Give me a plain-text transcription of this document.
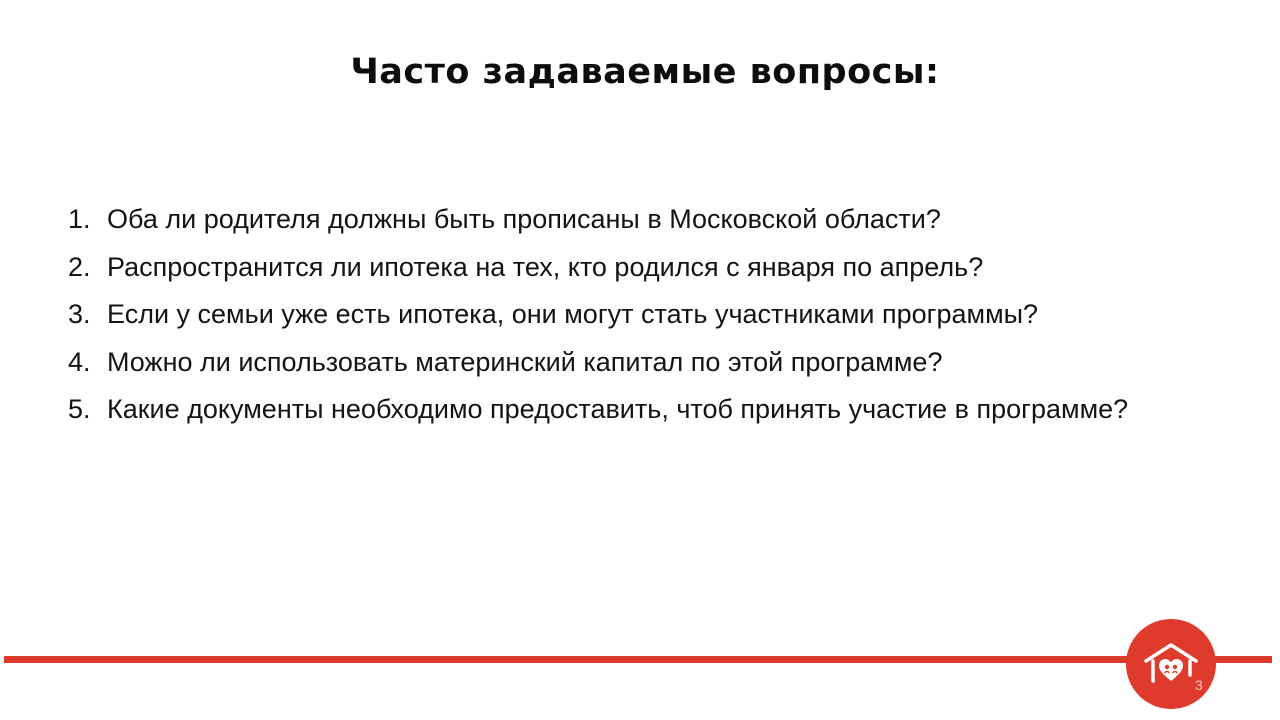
Часто задаваемые вопросы:
1. Оба ли родителя должны быть прописаны в Московской области?
2. Распространится ли ипотека на тех, кто родился с января по апрель?
3. Если у семьи уже есть ипотека, они могут стать участниками программы?
4. Можно ли использовать материнский капитал по этой программе?
5. Какие документы необходимо предоставить, чтоб принять участие в программе?
3
